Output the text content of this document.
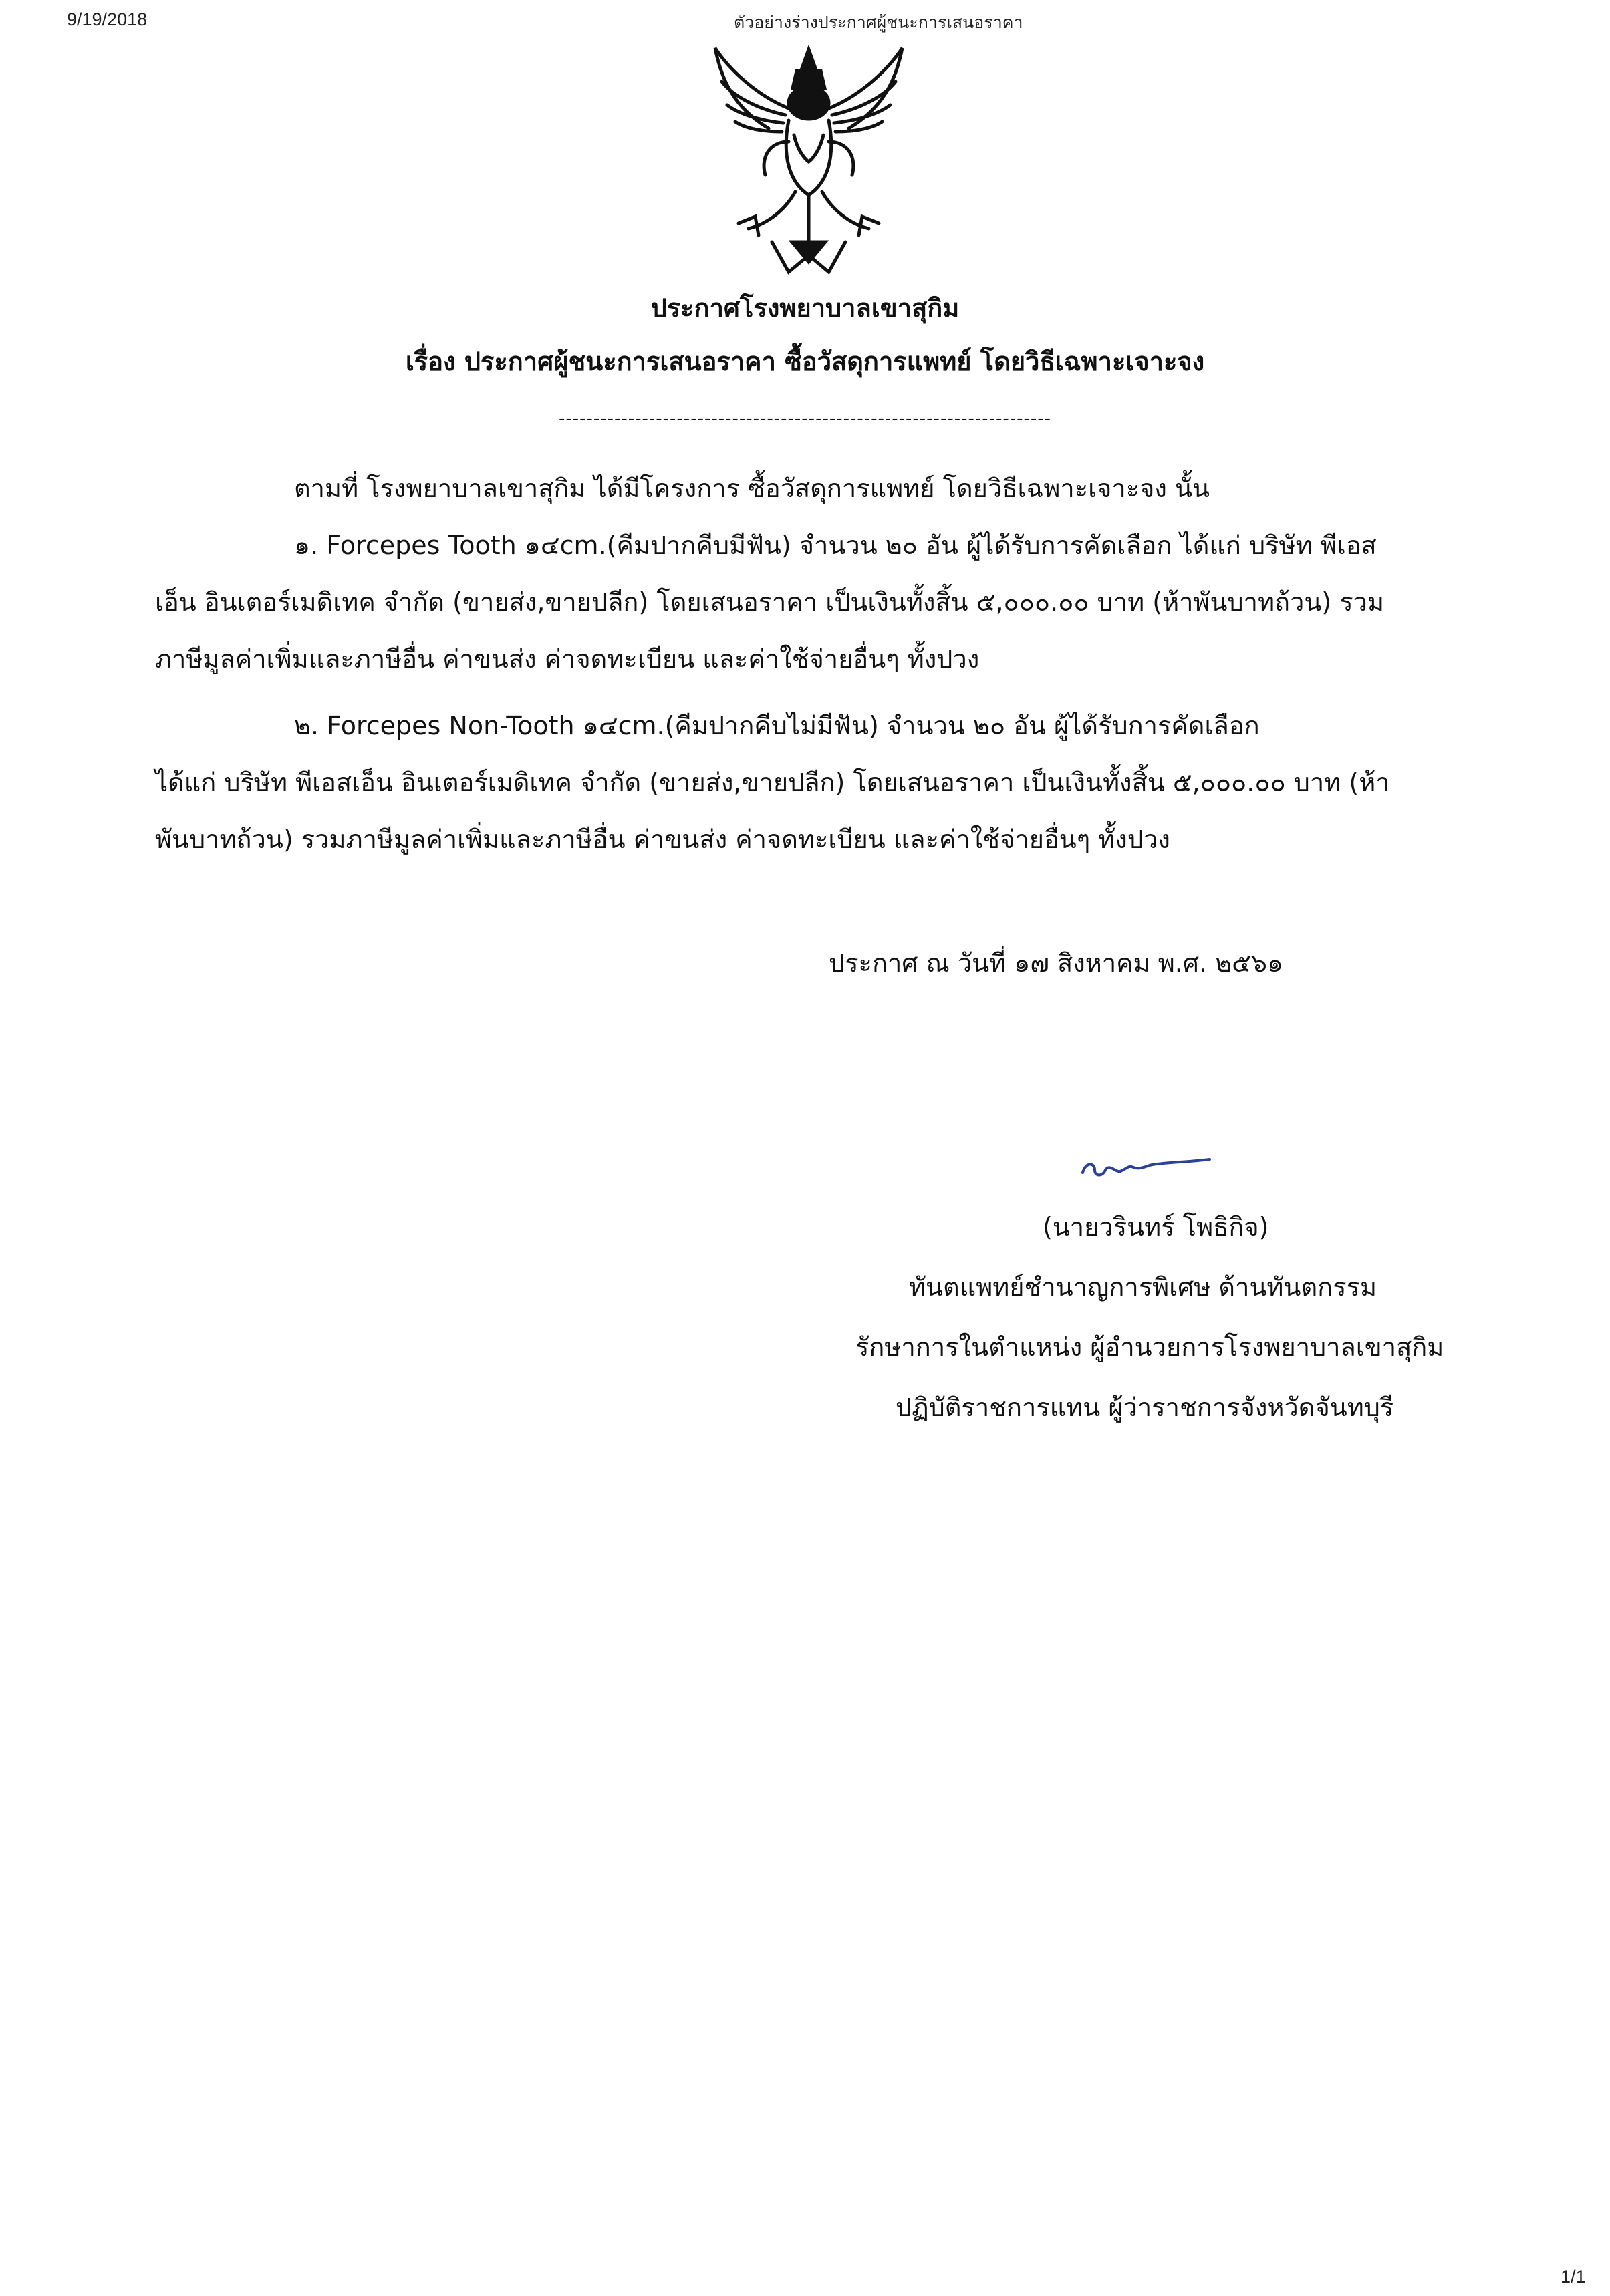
9/19/2018	ตัวอย่างร่างประกาศผู้ชนะการเสนอราคา
ประกาศโรงพยาบาลเขาสุกิม
เรื่อง ประกาศผู้ชนะการเสนอราคา ซื้อวัสดุการแพทย์ โดยวิธีเฉพาะเจาะจง
-----------------------------------------------------------------------
ตามที่ โรงพยาบาลเขาสุกิม ได้มีโครงการ ซื้อวัสดุการแพทย์ โดยวิธีเฉพาะเจาะจง นั้น
๑. Forcepes Tooth ๑๔cm.(คีมปากคีบมีฟัน) จำนวน ๒๐ อัน ผู้ได้รับการคัดเลือก ได้แก่ บริษัท พีเอส
เอ็น อินเตอร์เมดิเทค จำกัด (ขายส่ง,ขายปลีก) โดยเสนอราคา เป็นเงินทั้งสิ้น ๕,๐๐๐.๐๐ บาท (ห้าพันบาทถ้วน) รวม
ภาษีมูลค่าเพิ่มและภาษีอื่น ค่าขนส่ง ค่าจดทะเบียน และค่าใช้จ่ายอื่นๆ ทั้งปวง
๒. Forcepes Non-Tooth ๑๔cm.(คีมปากคีบไม่มีฟัน) จำนวน ๒๐ อัน ผู้ได้รับการคัดเลือก
ได้แก่ บริษัท พีเอสเอ็น อินเตอร์เมดิเทค จำกัด (ขายส่ง,ขายปลีก) โดยเสนอราคา เป็นเงินทั้งสิ้น ๕,๐๐๐.๐๐ บาท (ห้า
พันบาทถ้วน) รวมภาษีมูลค่าเพิ่มและภาษีอื่น ค่าขนส่ง ค่าจดทะเบียน และค่าใช้จ่ายอื่นๆ ทั้งปวง
ประกาศ ณ วันที่ ๑๗ สิงหาคม พ.ศ. ๒๕๖๑
(นายวรินทร์ โพธิกิจ)
ทันตแพทย์ชำนาญการพิเศษ ด้านทันตกรรม
รักษาการในตำแหน่ง ผู้อำนวยการโรงพยาบาลเขาสุกิม
ปฏิบัติราชการแทน ผู้ว่าราชการจังหวัดจันทบุรี
1/1
